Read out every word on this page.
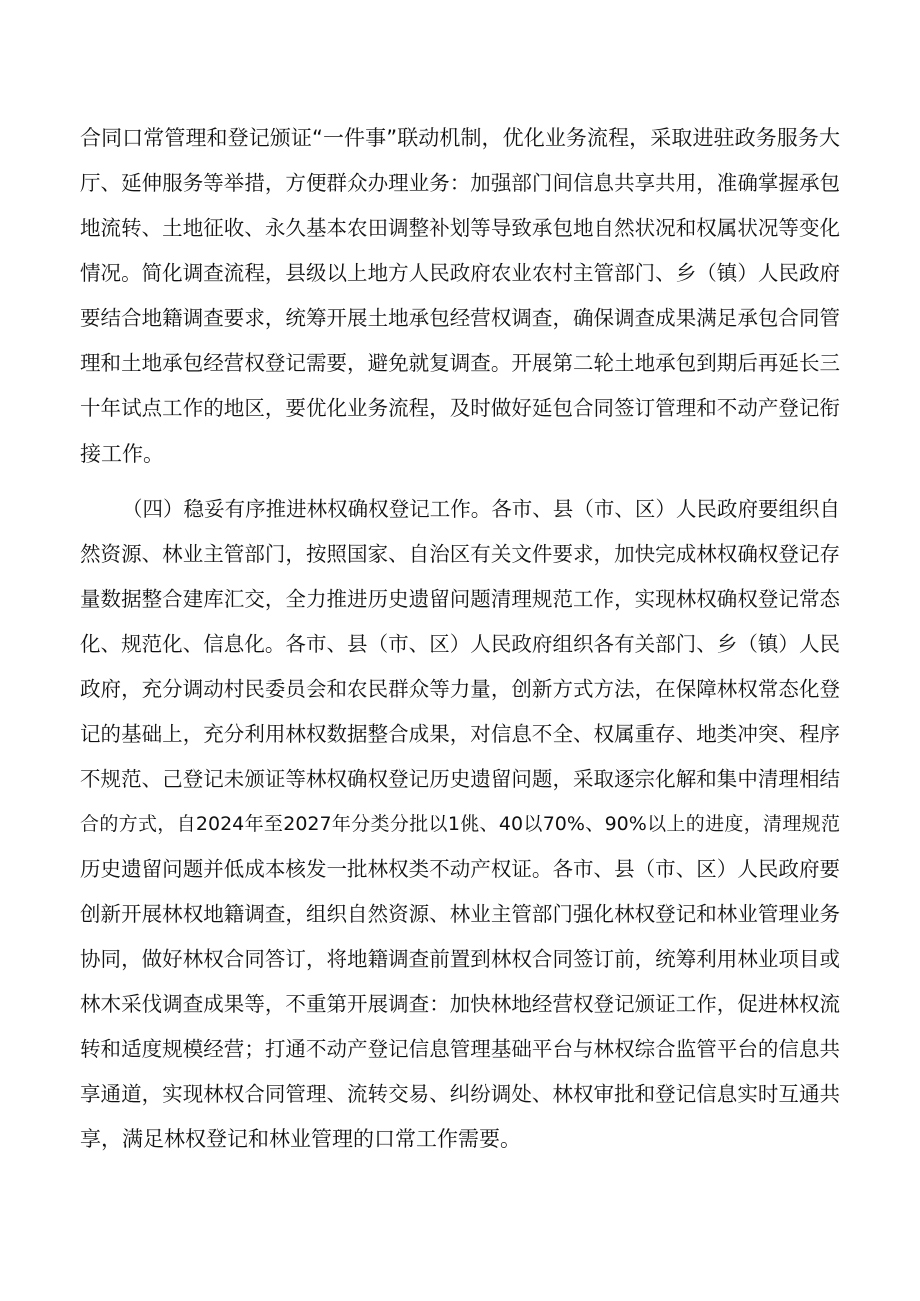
合同口常管理和登记颁证“一件事”联动机制，优化业务流程，采取进驻政务服务大
厅、延伸服务等举措，方便群众办理业务：加强部门间信息共享共用，准确掌握承包
地流转、土地征收、永久基本农田调整补划等导致承包地自然状况和权属状况等变化
情况。简化调查流程，县级以上地方人民政府农业农村主管部门、乡（镇）人民政府
要结合地籍调查要求，统筹开展土地承包经营权调查，确保调查成果满足承包合同管
理和土地承包经营权登记需要，避免就复调查。开展第二轮土地承包到期后再延长三
十年试点工作的地区，要优化业务流程，及时做好延包合同签订管理和不动产登记衔
接工作。
（四）稳妥有序推进林权确权登记工作。各市、县（市、区）人民政府要组织自
然资源、林业主管部门，按照国家、自治区有关文件要求，加快完成林权确权登记存
量数据整合建库汇交，全力推进历史遗留问题清理规范工作，实现林权确权登记常态
化、规范化、信息化。各市、县（市、区）人民政府组织各有关部门、乡（镇）人民
政府，充分调动村民委员会和农民群众等力量，创新方式方法，在保障林权常态化登
记的基础上，充分利用林权数据整合成果，对信息不全、权属重存、地类冲突、程序
不规范、己登记未颁证等林权确权登记历史遗留问题，采取逐宗化解和集中清理相结
合的方式，自2024年至2027年分类分批以1佻、40以70%、90%以上的进度，清理规范
历史遗留问题并低成本核发一批林权类不动产权证。各市、县（市、区）人民政府要
创新开展林权地籍调查，组织自然资源、林业主管部门强化林权登记和林业管理业务
协同，做好林权合同答订，将地籍调查前置到林权合同签订前，统筹利用林业项目或
林木采伐调查成果等，不重第开展调查：加快林地经营权登记颁证工作，促进林权流
转和适度规模经营；打通不动产登记信息管理基础平台与林权综合监管平台的信息共
享通道，实现林权合同管理、流转交易、纠纷调处、林权审批和登记信息实时互通共
享，满足林权登记和林业管理的口常工作需要。
